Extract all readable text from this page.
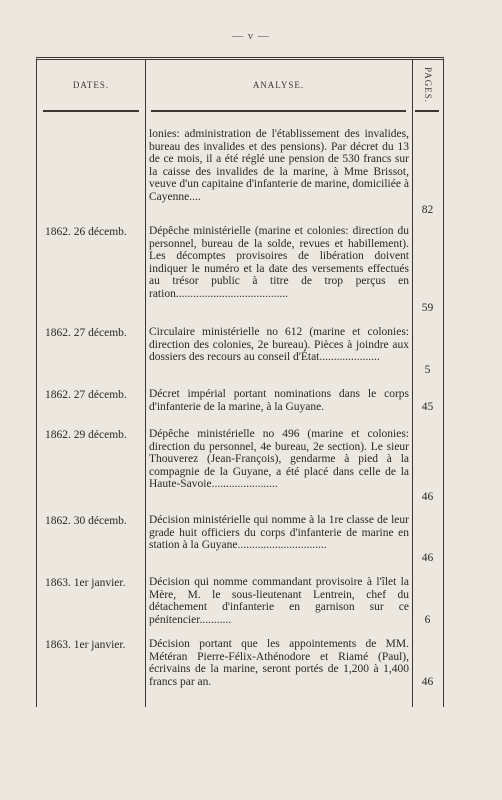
— v —
DATES.	ANALYSE.	PAGES.
lonies: administration de l'établissement des invalides, bureau des invalides et des pensions). Par décret du 13 de ce mois, il a été réglé une pension de 530 francs sur la caisse des invalides de la marine, à Mme Brissot, veuve d'un capitaine d'infanterie de marine, domiciliée à Cayenne....
82
1862. 26 décemb.	Dépêche ministérielle (marine et colonies: direction du personnel, bureau de la solde, revues et habillement). Les décomptes provisoires de libération doivent indiquer le numéro et la date des versements effectués au trésor public à titre de trop perçus en ration.......................................
59
1862. 27 décemb.	Circulaire ministérielle no 612 (marine et colonies: direction des colonies, 2e bureau). Pièces à joindre aux dossiers des recours au conseil d'État.....................
5
1862. 27 décemb.	Décret impérial portant nominations dans le corps d'infanterie de la marine, à la Guyane.	45
1862. 29 décemb.	Dépêche ministérielle no 496 (marine et colonies: direction du personnel, 4e bureau, 2e section). Le sieur Thouverez (Jean-François), gendarme à pied à la compagnie de la Guyane, a été placé dans celle de la Haute-Savoie.......................
46
1862. 30 décemb.	Décision ministérielle qui nomme à la 1re classe de leur grade huit officiers du corps d'infanterie de marine en station à la Guyane...............................
46
1863. 1er janvier.	Décision qui nomme commandant provisoire à l'îlet la Mère, M. le sous-lieutenant Lentrein, chef du détachement d'infanterie en garnison sur ce pénitencier...........	6
1863. 1er janvier.	Décision portant que les appointements de MM. Météran Pierre-Félix-Athénodore et Riamé (Paul), écrivains de la marine, seront portés de 1,200 à 1,400 francs par an.	46
